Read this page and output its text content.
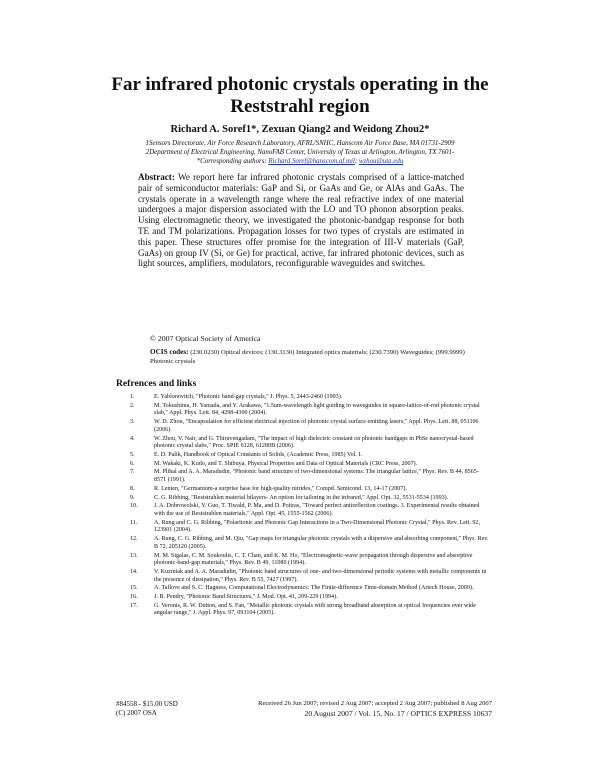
Far infrared photonic crystals operating in the
Reststrahl region
Richard A. Soref1*, Zexuan Qiang2 and Weidong Zhou2*
1Sensors Directorate, Air Force Research Laboratory, AFRL/SNHC, Hanscom Air Force Base, MA 01731-2909
2Department of Electrical Engineering, NanoFAB Center, University of Texas at Arlington, Arlington, TX 7601-
*Corresponding authors: Richard.Soref@hanscom.af.mil; wzhou@uta.edu
Abstract: We report here far infrared photonic crystals comprised of a lattice-matched pair of semiconductor materials: GaP and Si, or GaAs and Ge, or AlAs and GaAs. The crystals operate in a wavelength range where the real refractive index of one material undergoes a major dispersion associated with the LO and TO phonon absorption peaks. Using electromagnetic theory, we investigated the photonic-bandgap response for both TE and TM polarizations. Propagation losses for two types of crystals are estimated in this paper. These structures offer promise for the integration of III-V materials (GaP, GaAs) on group IV (Si, or Ge) for practical, active, far infrared photonic devices, such as light sources, amplifiers, modulators, reconfigurable waveguides and switches.
© 2007 Optical Society of America
OCIS codes: (230.0230) Optical devices; (130.3130) Integrated optics materials; (230.7390) Waveguides; (999.9999) Photonic crystals
Refrences and links
1.	E. Yablonovitch, "Photonic band-gap crystals," J. Phys. 5, 2443-2460 (1993).
2.	M. Tokushima, H. Yamada, and Y. Arakawa, "1.5um-wavelength light guiding in waveguides in square-lattice-of-rod photonic crystal slab," Appl. Phys. Lett. 84, 4298-4300 (2004).
3.	W. D. Zhou, "Encapsulation for efficient electrical injection of photonic crystal surface emitting lasers," Appl. Phys. Lett. 88, 051106 (2006).
4.	W. Zhou, V. Nair, and G. Thiruvengadam, "The impact of high dielectric constant on photonic bandgaps in PbSe nanocrystal-based photonic crystal slabs," Proc. SPIE 6128, 61280B (2006).
5.	E. D. Palik, Handbook of Optical Constants of Solids, (Academic Press, 1985) Vol. I.
6.	M. Wakaki, K. Kudo, and T. Shibuya, Physical Properties and Data of Optical Materials (CRC Press, 2007).
7.	M. Plihal and A. A. Maradudin, "Photonic band structure of two-dimensional systems: The triangular lattice," Phys. Rev. B 44, 8565-8571 (1991).
8.	R. Lenten, "Germanium-a surprise base for high-quality nitrides," Compd. Semicond. 13, 14-17 (2007).
9.	C. G. Ribbing, "Reststrahlen material bilayers- An option for tailoring in the infrared," Appl. Opt. 32, 5531-5534 (1993).
10.	J. A. Dobrowolski, Y. Guo, T. Tiwald, P. Ma, and D. Poitras, "Toward perfect antireflection coatings. 3. Experimental results obtained with the use of Reststrahlen materials," Appl. Opt. 45, 1555-1562 (2006).
11.	A. Rung and C. G. Ribbing, "Polaritonic and Photonic Gap Interactions in a Two-Dimensional Photonic Crystal," Phys. Rev. Lett. 92, 123901 (2004).
12.	A. Rung, C. G. Ribbing, and M. Qiu, "Gap maps for triangular photonic crystals with a dispersive and absorbing component," Phys. Rev. B 72, 205120 (2005).
13.	M. M. Sigalas, C. M. Soukoulis, C. T. Chan, and K. M. Ho, "Electromagnetic-wave propagation through dispersive and absorptive photonic-band-gap materials," Phys. Rev. B 49, 11080 (1994).
14.	V. Kuzmiak and A. A. Maradudin, "Photonic band structures of one- and two-dimensional periodic systems with metallic components in the presence of dissipation," Phys. Rev. B 55, 7427 (1997).
15.	A. Taflove and S. C. Hagness, Computational Electrodynamics: The Finite-difference Time-domain Method (Artech House, 2000).
16.	J. B. Pendry, "Photonic Band Structures," J. Mod. Opt. 41, 209-229 (1994).
17.	G. Veronis, R. W. Dutton, and S. Fan, "Metallic photonic crystals with strong broadband absorption at optical frequencies over wide angular range," J. Appl. Phys. 97, 093104 (2005).
#84558 - $15.00 USD
(C) 2007 OSA
Received 26 Jun 2007; revised 2 Aug 2007; accepted 2 Aug 2007; published 8 Aug 2007
20 August 2007 / Vol. 15, No. 17 / OPTICS EXPRESS 10637
